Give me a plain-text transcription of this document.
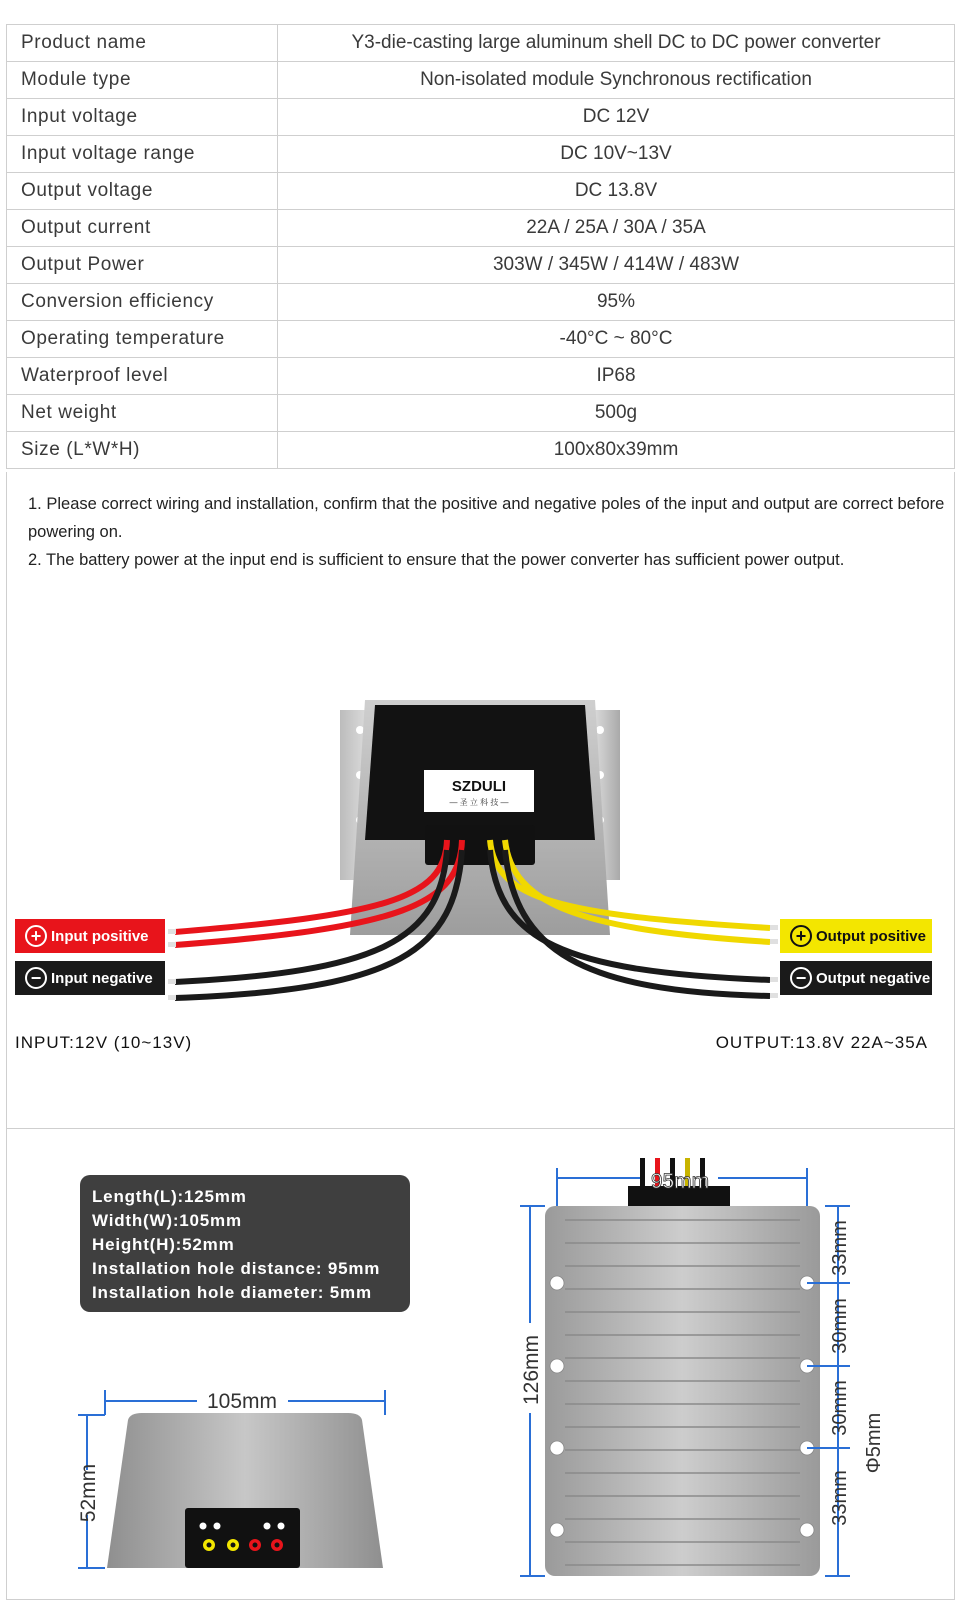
Product name	Y3-die-casting large aluminum shell DC to DC power converter
Module type	Non-isolated module Synchronous rectification
Input voltage	DC 12V
Input voltage range	DC 10V~13V
Output voltage	DC 13.8V
Output current	22A / 25A / 30A / 35A
Output Power	303W / 345W / 414W / 483W
Conversion efficiency	95%
Operating temperature	-40°C ~ 80°C
Waterproof level	IP68
Net weight	500g
Size (L*W*H)	100x80x39mm

1. Please correct wiring and installation, confirm that the positive and negative poles of the input and output are correct before powering on.

2. The battery power at the input end is sufficient to ensure that the power converter has sufficient power output.

SZDULI
— 圣 立 科 技 —
+ Input positive
− Input negative
+ Output positive
− Output negative
INPUT:12V (10~13V)	OUTPUT:13.8V 22A~35A
Length(L):125mm
Width(W):105mm
Height(H):52mm
Installation hole distance: 95mm
Installation hole diameter: 5mm
105mm
52mm
95mm
126mm
33mm
30mm
30mm
33mm
Φ5mm
